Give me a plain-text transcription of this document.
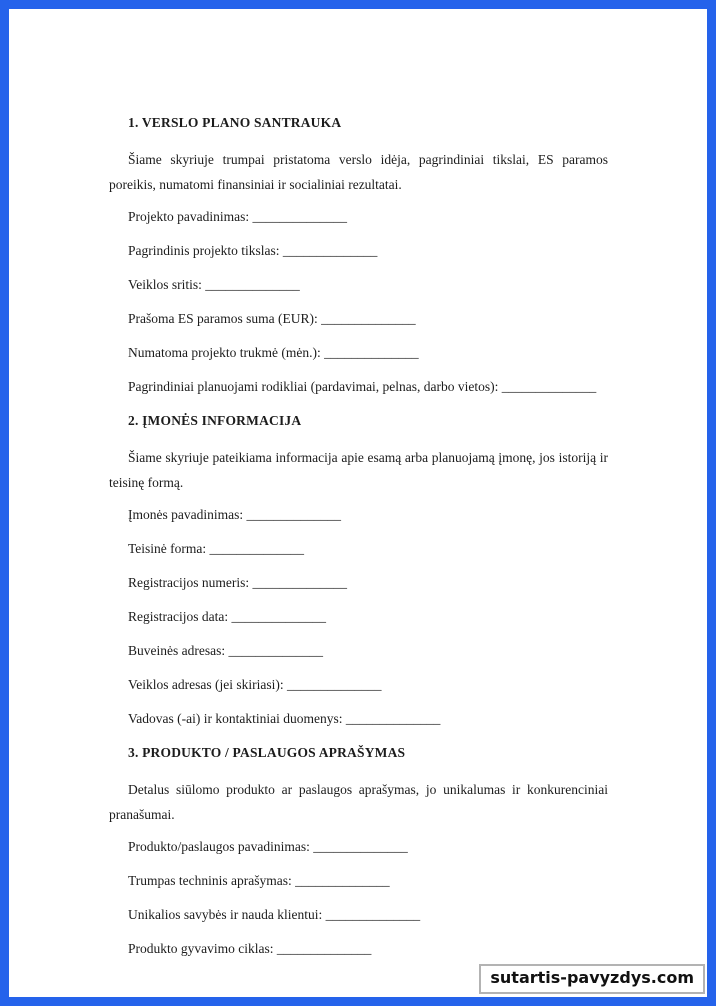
1. VERSLO PLANO SANTRAUKA

Šiame skyriuje trumpai pristatoma verslo idėja, pagrindiniai tikslai, ES paramos poreikis, numatomi finansiniai ir socialiniai rezultatai.

Projekto pavadinimas: ______________

Pagrindinis projekto tikslas: ______________

Veiklos sritis: ______________

Prašoma ES paramos suma (EUR): ______________

Numatoma projekto trukmė (mėn.): ______________

Pagrindiniai planuojami rodikliai (pardavimai, pelnas, darbo vietos): ______________

2. ĮMONĖS INFORMACIJA

Šiame skyriuje pateikiama informacija apie esamą arba planuojamą įmonę, jos istoriją ir teisinę formą.

Įmonės pavadinimas: ______________

Teisinė forma: ______________

Registracijos numeris: ______________

Registracijos data: ______________

Buveinės adresas: ______________

Veiklos adresas (jei skiriasi): ______________

Vadovas (-ai) ir kontaktiniai duomenys: ______________

3. PRODUKTO / PASLAUGOS APRAŠYMAS

Detalus siūlomo produkto ar paslaugos aprašymas, jo unikalumas ir konkurenciniai pranašumai.

Produkto/paslaugos pavadinimas: ______________

Trumpas techninis aprašymas: ______________

Unikalios savybės ir nauda klientui: ______________

Produkto gyvavimo ciklas: ______________

sutartis-pavyzdys.com
